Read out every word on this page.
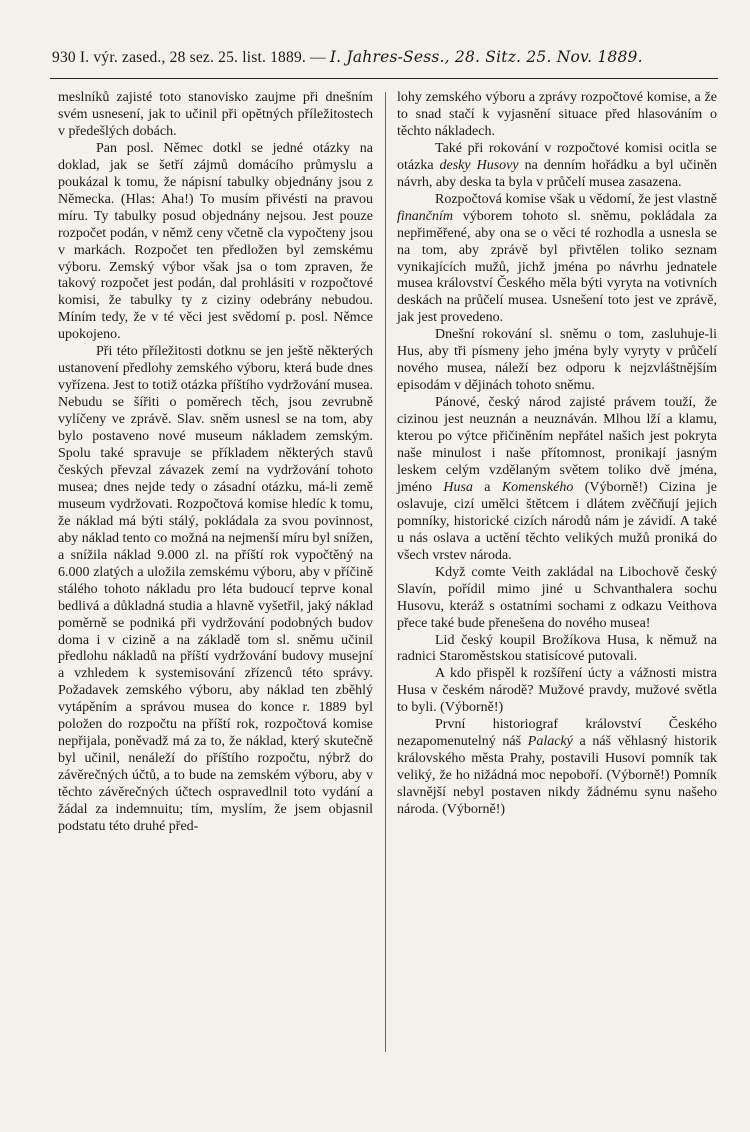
930 I. výr. zased., 28 sez. 25. list. 1889. — I. Jahres-Sess., 28. Sitz. 25. Nov. 1889.

meslníků zajisté toto stanovisko zaujme při dnešním svém usnesení, jak to učinil při opětných příležitostech v předešlých dobách.

Pan posl. Němec dotkl se jedné otázky na doklad, jak se šetří zájmů domácího průmyslu a poukázal k tomu, že nápisní tabulky objednány jsou z Německa. (Hlas: Aha!) To musím přivésti na pravou míru. Ty tabulky posud objednány nejsou. Jest pouze rozpočet podán, v němž ceny včetně cla vypočteny jsou v markách. Rozpočet ten předložen byl zemskému výboru. Zemský výbor však jsa o tom zpraven, že takový rozpočet jest podán, dal prohlásiti v rozpočtové komisi, že tabulky ty z ciziny odebrány nebudou. Míním tedy, že v té věci jest svědomí p. posl. Němce upokojeno.

Při této příležitosti dotknu se jen ještě některých ustanovení předlohy zemského výboru, která bude dnes vyřízena. Jest to totiž otázka příštího vydržování musea. Nebudu se šířiti o poměrech těch, jsou zevrubně vylíčeny ve zprávě. Slav. sněm usnesl se na tom, aby bylo postaveno nové museum nákladem zemským. Spolu také spravuje se příkladem některých stavů českých převzal závazek zemí na vydržování tohoto musea; dnes nejde tedy o zásadní otázku, má-li země museum vydržovati. Rozpočtová komise hledíc k tomu, že náklad má býti stálý, pokládala za svou povinnost, aby náklad tento co možná na nejmenší míru byl snížen, a snížila náklad 9.000 zl. na příští rok vypočtěný na 6.000 zlatých a uložila zemskému výboru, aby v příčině stálého tohoto nákladu pro léta budoucí teprve konal bedlivá a důkladná studia a hlavně vyšetřil, jaký náklad poměrně se podniká při vydržování podobných budov doma i v cizině a na základě tom sl. sněmu učinil předlohu nákladů na příští vydržování budovy musejní a vzhledem k systemisování zřízenců této správy. Požadavek zemského výboru, aby náklad ten zběhlý vytápěním a správou musea do konce r. 1889 byl položen do rozpočtu na příští rok, rozpočtová komise nepřijala, poněvadž má za to, že náklad, který skutečně byl učinil, nenáleží do příštího rozpočtu, nýbrž do závěrečných účtů, a to bude na zemském výboru, aby v těchto závěrečných účtech ospravedlnil toto vydání a žádal za indemnuitu; tím, myslím, že jsem objasnil podstatu této druhé před-

lohy zemského výboru a zprávy rozpočtové komise, a že to snad stačí k vyjasnění situace před hlasováním o těchto nákladech.

Také při rokování v rozpočtové komisi ocitla se otázka desky Husovy na denním hořádku a byl učiněn návrh, aby deska ta byla v průčelí musea zasazena.

Rozpočtová komise však u vědomí, že jest vlastně finančním výborem tohoto sl. sněmu, pokládala za nepřiměřené, aby ona se o věci té rozhodla a usnesla se na tom, aby zprávě byl přivtělen toliko seznam vynikajících mužů, jichž jména po návrhu jednatele musea království Českého měla býti vyryta na votivních deskách na průčelí musea. Usnešení toto jest ve zprávě, jak jest provedeno.

Dnešní rokování sl. sněmu o tom, zasluhuje-li Hus, aby tři písmeny jeho jména byly vyryty v průčelí nového musea, náleží bez odporu k nejzvláštnějším episodám v dějinách tohoto sněmu.

Pánové, český národ zajisté právem touží, že cizinou jest neuznán a neuznáván. Mlhou lží a klamu, kterou po výtce přičiněním nepřátel našich jest pokryta naše minulost i naše přítomnost, pronikají jasným leskem celým vzdělaným světem toliko dvě jména, jméno Husa a Komenského (Výborně!) Cizina je oslavuje, cizí umělci štětcem i dlátem zvěčňují jejich pomníky, historické cizích národů nám je závidí. A také u nás oslava a uctění těchto velikých mužů proniká do všech vrstev národa.

Když comte Veith zakládal na Libochově český Slavín, pořídil mimo jiné u Schvanthalera sochu Husovu, kteráž s ostatními sochami z odkazu Veithova přece také bude přenešena do nového musea!

Lid český koupil Brožíkova Husa, k němuž na radnici Staroměstskou statisícové putovali.

A kdo přispěl k rozšíření úcty a vážnosti mistra Husa v českém národě? Mužové pravdy, mužové světla to byli. (Výborně!)

První historiograf království Českého nezapomenutelný náš Palacký a náš věhlasný historik královského města Prahy, postavili Husovi pomník tak veliký, že ho nižádná moc nepoboří. (Výborně!) Pomník slavnější nebyl postaven nikdy žádnému synu našeho národa. (Výborně!)
